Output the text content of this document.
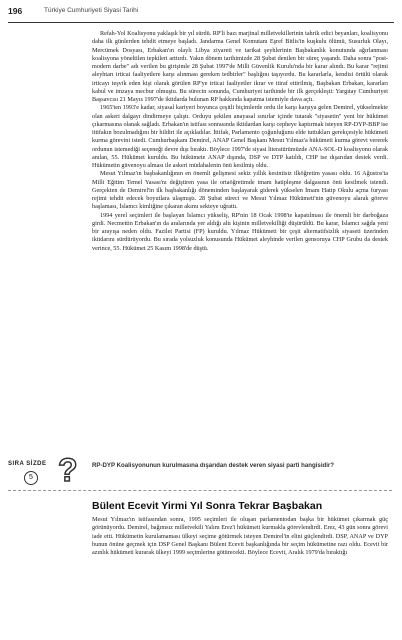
196	Türkiye Cumhuriyeti Siyasi Tarihi

Refah-Yol Koalisyonu yaklaşık bir yıl sürdü. RP'li bazı marjinal milletvekillerinin tahrik edici beyanları, koalisyonu daha ilk günlerden tehdit etmeye başladı. Jandarma Genel Komutanı Eşref Bitlis'in kuşkulu ölümü, Susurluk Olayı, Mercümek Dosyası, Erbakan'ın olaylı Libya ziyareti ve tarikat şeyhlerinin Başbakanlık konutunda ağırlanması koalisyona yöneltilen tepkileri arttırdı. Yakın dönem tarihimizde 28 Şubat denilen bir süreç yaşandı. Daha sonra "post-modern darbe" adı verilen bu girişimle 28 Şubat 1997'de Milli Güvenlik Kurulu'nda bir karar alındı. Bu karar "rejimi aleyhtarı irticai faaliyetlere karşı alınması gereken tedbirler" başlığını taşıyordu. Bu kararlarla, kendisi örtülü olarak irticayı teşvik eden kişi olarak görülen RP'ye irticai faaliyetler ikrar ve itiraf ettirilmiş, Başbakan Erbakan, kararları kabul ve imzaya mecbur olmuştu. Bu sürecin sonunda, Cumhuriyet tarihinde bir ilk gerçekleşti: Yargıtay Cumhuriyet Başsavcısı 21 Mayıs 1997'de iktidarda bulunan RP hakkında kapatma istemiyle dava açtı.

1965'ten 1993'e kadar, siyasal kariyeri boyunca çeşitli biçimlerde ordu ile karşı karşıya gelen Demirel, yükselmekte olan askeri dalgayı dindirmeye çalıştı. Orduyu şekilen anayasal sınırlar içinde tutarak "siyasetin" yeni bir hükümet çıkarmasına olanak sağladı. Erbakan'ın istifası sonrasında iktidardan karşı cepheye kaptırmak isteyen RP-DYP-BBP ise ittifakın bozulmadığını bir hildiri ile açıkladılar. İttifak, Parlamento çoğunluğunu elde tuttukları gerekçesiyle hükümeti kurma görevini istedi. Cumhurbaşkanı Demirel, ANAP Genel Başkanı Mesut Yılmaz'a hükümeti kurma görevi vererek ordunun istemediği seçeneği devre dışı bıraktı. Böylece 1997'de siyasi literatürümüzde ANA-SOL-D koalisyonu olarak anılan, 55. Hükümet kuruldu. Bu hükümete ANAP dışında, DSP ve DTP katıldı, CHP ise dışarıdan destek verdi. Hükümetin güvenoyu alması ile askeri müdahalenin önü kesilmiş oldu.

Mesut Yılmaz'ın başbakanlığının en önemli gelişmesi sekiz yıllık kesintisiz ilköğretim yasası oldu. 16 Ağustos'ta Milli Eğitim Temel Yasası'nı değiştiren yasa ile ortaöğretimde imam hatipleşme dalgasının önü kesilmek istendi. Gerçekten de Demirel'in ilk başbakanlığı döneminden başlayarak giderek yükselen İmam Hatip Okulu açma furyası rejimi tehdit edecek boyutlara ulaşmıştı. 28 Şubat süreci ve Mesut Yılmaz Hükümeti'nin güvenoyu alarak göreve başlaması, İslamcı kimliğine çıkaran akımı sekteye uğrattı.

1994 yerel seçimleri ile başlayan İslamcı yükseliş, RP'nin 18 Ocak 1998'te kapatılması ile önemli bir darboğaza girdi. Necmettin Erbakan'ın da aralarında yer aldığı altı kişinin milletvekilliği düşürüldü. Bu karar, İslamcı sağda yeni bir arayışa neden oldu. Fazilet Partisi (FP) kuruldu. Yılmaz Hükümeti bir çeşit alternatifsizlik siyaseti üzerinden iktidarını sürdürüyordu. Bu sırada yolsuzluk konusunda Hükümet aleyhinde verilen gensoruya CHP Grubu da destek verince, 55. Hükümet 25 Kasım 1998'de düştü.

SIRA SİZDE
5 ? RP-DYP Koalisyonunun kurulmasına dışarıdan destek veren siyasi parti hangisidir?
Bülent Ecevit Yirmi Yıl Sonra Tekrar Başbakan

Mesut Yılmaz'ın istifasından sonra, 1995 seçimleri ile oluşan parlamentodan başka bir hükümet çıkarmak güç görünüyordu. Demirel, bağımsız milletvekili Yalım Erez'i hükümeti kurmakla görevlendirdi. Erez, 43 gün sonra görevi iade etti. Hükümetin kurulamaması ülkeyi seçime götürmek isteyen Demirel'in elini güçlendirdi. DSP, ANAP ve DYP bunun önüne geçmek için DSP Genel Başkanı Bülent Ecevit başkanlığında bir seçim hükümetine razı oldu. Ecevit bir azınlık hükümeti kurarak ülkeyi 1999 seçimlerine götürecekti. Böylece Ecevit, Aralık 1979'da bıraktığı
